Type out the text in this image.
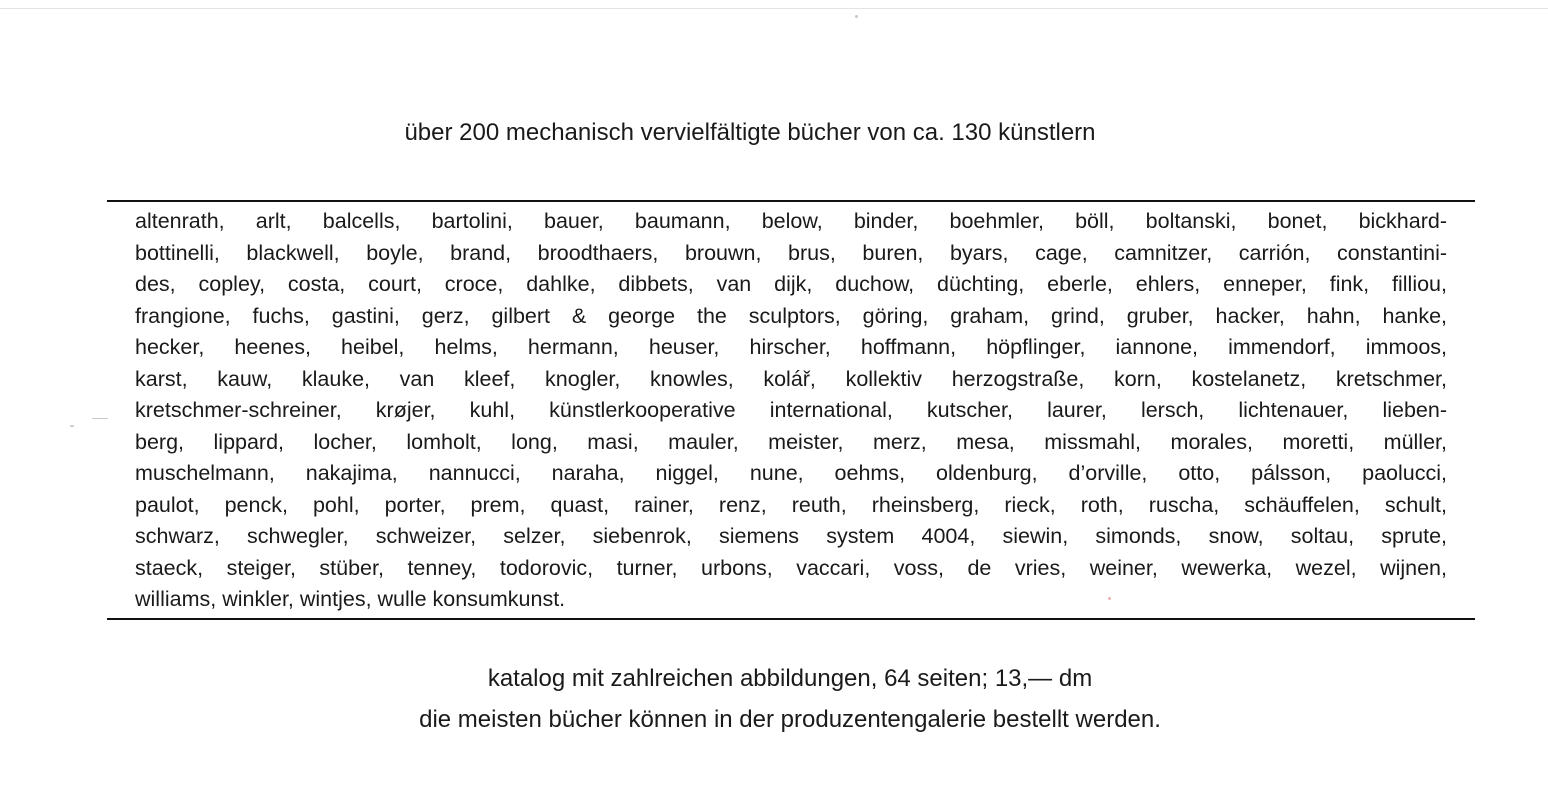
über 200 mechanisch vervielfältigte bücher von ca. 130 künstlern
altenrath, arlt, balcells, bartolini, bauer, baumann, below, binder, boehmler, böll, boltanski, bonet, bickhard-
bottinelli, blackwell, boyle, brand, broodthaers, brouwn, brus, buren, byars, cage, camnitzer, carrión, constantini-
des, copley, costa, court, croce, dahlke, dibbets, van dijk, duchow, düchting, eberle, ehlers, enneper, fink, filliou,
frangione, fuchs, gastini, gerz, gilbert & george the sculptors, göring, graham, grind, gruber, hacker, hahn, hanke,
hecker, heenes, heibel, helms, hermann, heuser, hirscher, hoffmann, höpflinger, iannone, immendorf, immoos,
karst, kauw, klauke, van kleef, knogler, knowles, kolář, kollektiv herzogstraße, korn, kostelanetz, kretschmer,
kretschmer-schreiner, krøjer, kuhl, künstlerkooperative international, kutscher, laurer, lersch, lichtenauer, lieben-
berg, lippard, locher, lomholt, long, masi, mauler, meister, merz, mesa, missmahl, morales, moretti, müller,
muschelmann, nakajima, nannucci, naraha, niggel, nune, oehms, oldenburg, d’orville, otto, pálsson, paolucci,
paulot, penck, pohl, porter, prem, quast, rainer, renz, reuth, rheinsberg, rieck, roth, ruscha, schäuffelen, schult,
schwarz, schwegler, schweizer, selzer, siebenrok, siemens system 4004, siewin, simonds, snow, soltau, sprute,
staeck, steiger, stüber, tenney, todorovic, turner, urbons, vaccari, voss, de vries, weiner, wewerka, wezel, wijnen,
williams, winkler, wintjes, wulle konsumkunst.
katalog mit zahlreichen abbildungen, 64 seiten; 13,— dm
die meisten bücher können in der produzentengalerie bestellt werden.
